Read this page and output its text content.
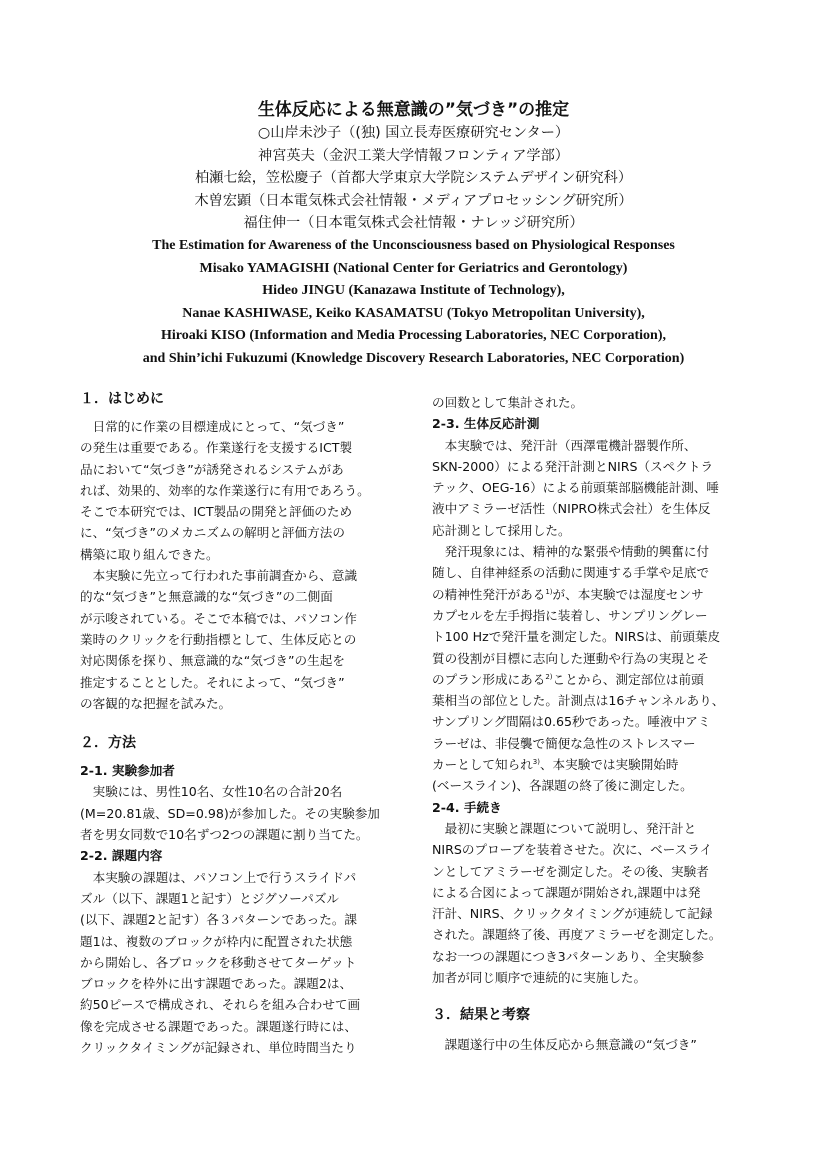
生体反応による無意識の”気づき”の推定

○山岸未沙子（(独) 国立長寿医療研究センター）

神宮英夫（金沢工業大学情報フロンティア学部）

柏瀬七絵，笠松慶子（首都大学東京大学院システムデザイン研究科）

木曽宏顕（日本電気株式会社情報・メディアプロセッシング研究所）

福住伸一（日本電気株式会社情報・ナレッジ研究所）

The Estimation for Awareness of the Unconsciousness based on Physiological Responses

Misako YAMAGISHI (National Center for Geriatrics and Gerontology)

Hideo JINGU (Kanazawa Institute of Technology),

Nanae KASHIWASE, Keiko KASAMATSU (Tokyo Metropolitan University),

Hiroaki KISO (Information and Media Processing Laboratories, NEC Corporation),

and Shin’ichi Fukuzumi (Knowledge Discovery Research Laboratories, NEC Corporation)

１．はじめに

日常的に作業の目標達成にとって、“気づき”
の発生は重要である。作業遂行を支援するICT製
品において“気づき”が誘発されるシステムがあ
れば、効果的、効率的な作業遂行に有用であろう。
そこで本研究では、ICT製品の開発と評価のため
に、“気づき”のメカニズムの解明と評価方法の
構築に取り組んできた。

本実験に先立って行われた事前調査から、意識
的な“気づき”と無意識的な“気づき”の二側面
が示唆されている。そこで本稿では、パソコン作
業時のクリックを行動指標として、生体反応との
対応関係を探り、無意識的な“気づき”の生起を
推定することとした。それによって、“気づき”
の客観的な把握を試みた。

２．方法

2-1. 実験参加者

実験には、男性10名、女性10名の合計20名
(M=20.81歳、SD=0.98)が参加した。その実験参加
者を男女同数で10名ずつ2つの課題に割り当てた。

2-2. 課題内容

本実験の課題は、パソコン上で行うスライドパ
ズル（以下、課題1と記す）とジグソーパズル
(以下、課題2と記す）各３パターンであった。課
題1は、複数のブロックが枠内に配置された状態
から開始し、各ブロックを移動させてターゲット
ブロックを枠外に出す課題であった。課題2は、
約50ピースで構成され、それらを組み合わせて画
像を完成させる課題であった。課題遂行時には、
クリックタイミングが記録され、単位時間当たり

の回数として集計された。

2-3. 生体反応計測

本実験では、発汗計（西澤電機計器製作所、
SKN-2000）による発汗計測とNIRS（スペクトラ
テック、OEG-16）による前頭葉部脳機能計測、唾
液中アミラーゼ活性（NIPRO株式会社）を生体反
応計測として採用した。

発汗現象には、精神的な緊張や情動的興奮に付
随し、自律神経系の活動に関連する手掌や足底で
の精神性発汗がある$^{1)}$が、本実験では湿度センサ
カプセルを左手拇指に装着し、サンプリングレー
ト100 Hzで発汗量を測定した。NIRSは、前頭葉皮
質の役割が目標に志向した運動や行為の実現とそ
のプラン形成にある$^{2)}$ことから、測定部位は前頭
葉相当の部位とした。計測点は16チャンネルあり、
サンプリング間隔は0.65秒であった。唾液中アミ
ラーゼは、非侵襲で簡便な急性のストレスマー
カーとして知られ$^{3)}$、本実験では実験開始時
(ベースライン)、各課題の終了後に測定した。

2-4. 手続き

最初に実験と課題について説明し、発汗計と
NIRSのプローブを装着させた。次に、ベースライ
ンとしてアミラーゼを測定した。その後、実験者
による合図によって課題が開始され,課題中は発
汗計、NIRS、クリックタイミングが連続して記録
された。課題終了後、再度アミラーゼを測定した。
なお一つの課題につき3パターンあり、全実験参
加者が同じ順序で連続的に実施した。

３．結果と考察

課題遂行中の生体反応から無意識の“気づき”
